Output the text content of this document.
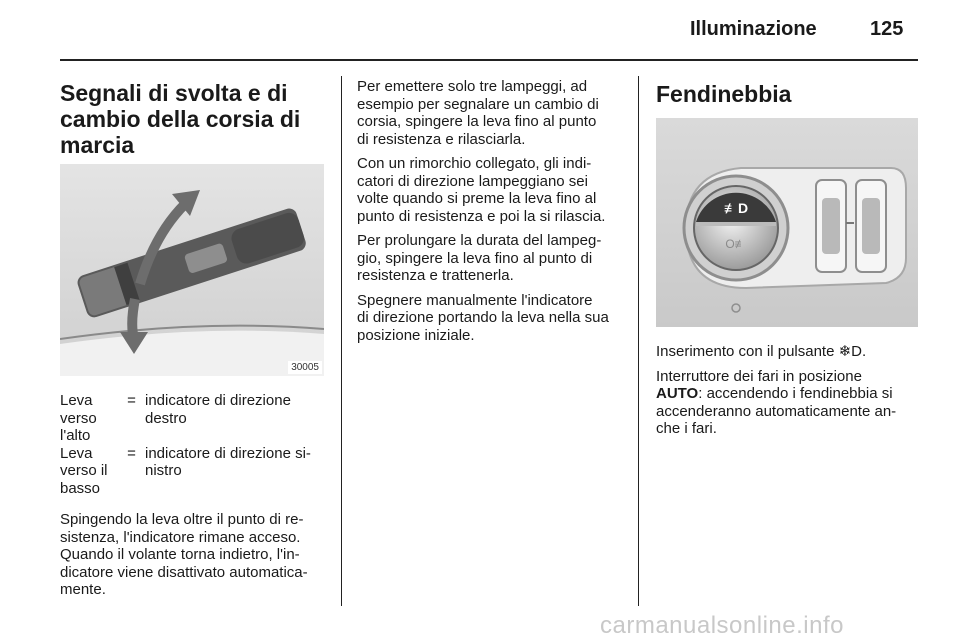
Illuminazione	125
Segnali di svolta e di
cambio della corsia di
marcia
30005
Leva
verso
l'alto
= indicatore di direzione
destro
Leva
verso il
basso
= indicatore di direzione si-
nistro

Spingendo la leva oltre il punto di re-
sistenza, l'indicatore rimane acceso.
Quando il volante torna indietro, l'in-
dicatore viene disattivato automatica-
mente.

Per emettere solo tre lampeggi, ad
esempio per segnalare un cambio di
corsia, spingere la leva fino al punto
di resistenza e rilasciarla.

Con un rimorchio collegato, gli indi-
catori di direzione lampeggiano sei
volte quando si preme la leva fino al
punto di resistenza e poi la si rilascia.

Per prolungare la durata del lampeg-
gio, spingere la leva fino al punto di
resistenza e trattenerla.

Spegnere manualmente l'indicatore
di direzione portando la leva nella sua
posizione iniziale.

Fendinebbia
≢D
O≢

Inserimento con il pulsante ❄D.

Interruttore dei fari in posizione
AUTO: accendendo i fendinebbia si
accenderanno automaticamente an-
che i fari.

carmanualsonline.info
